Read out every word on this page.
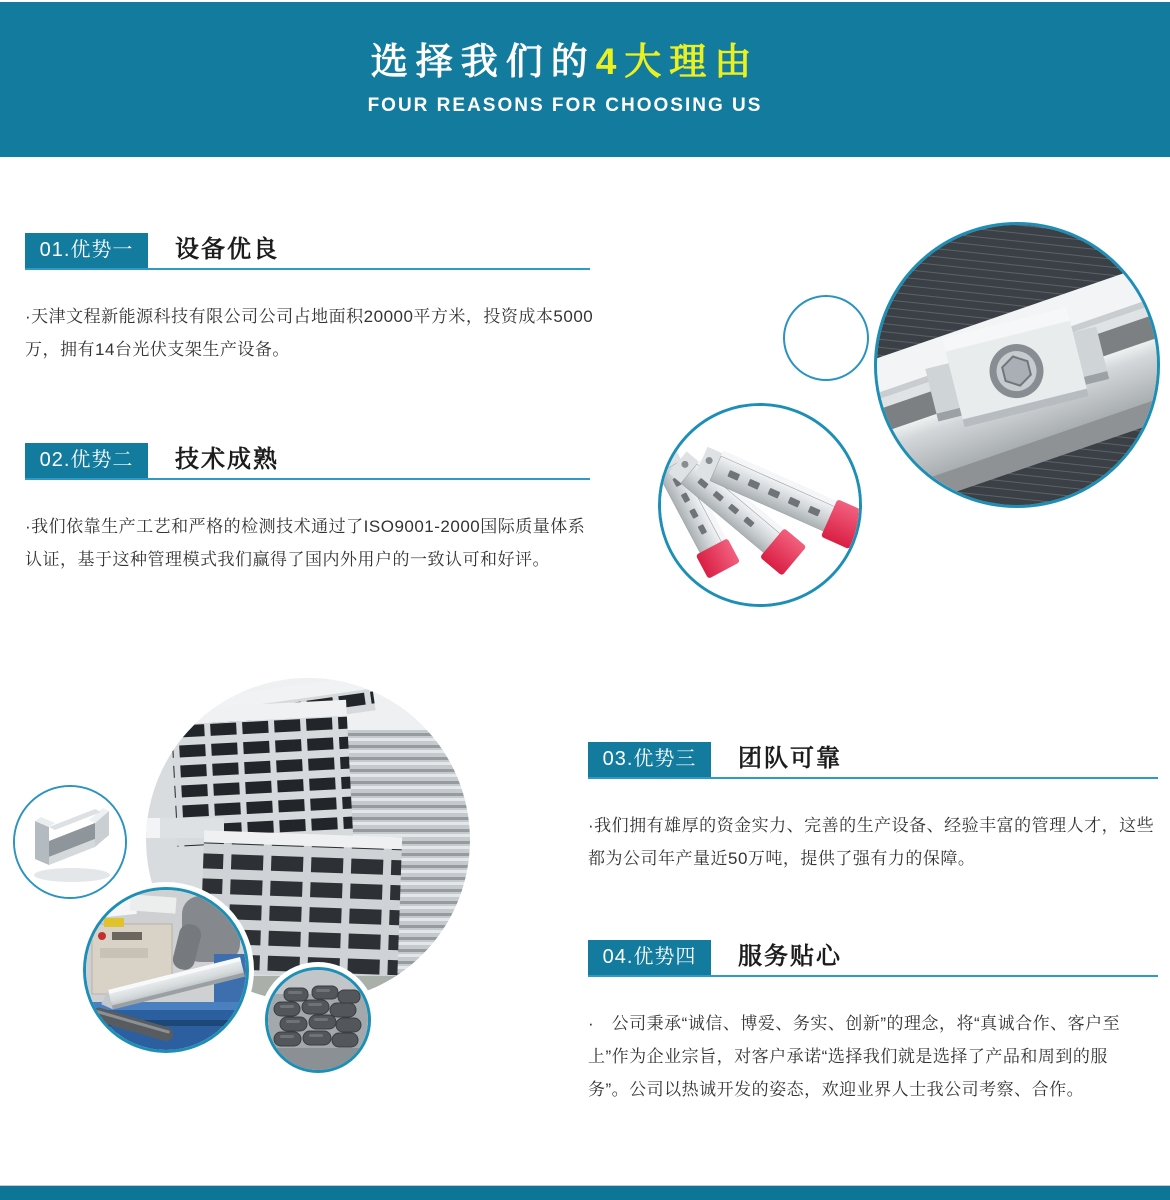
选择我们的4大理由
FOUR REASONS FOR CHOOSING US
01.优势一	设备优良
·天津文程新能源科技有限公司公司占地面积20000平方米，投资成本5000
万，拥有14台光伏支架生产设备。
02.优势二	技术成熟
·我们依靠生产工艺和严格的检测技术通过了ISO9001-2000国际质量体系
认证，基于这种管理模式我们赢得了国内外用户的一致认可和好评。
03.优势三	团队可靠
·我们拥有雄厚的资金实力、完善的生产设备、经验丰富的管理人才，这些
都为公司年产量近50万吨，提供了强有力的保障。
04.优势四	服务贴心
·　公司秉承“诚信、博爱、务实、创新”的理念，将“真诚合作、客户至
上”作为企业宗旨，对客户承诺“选择我们就是选择了产品和周到的服
务”。公司以热诚开发的姿态，欢迎业界人士我公司考察、合作。
